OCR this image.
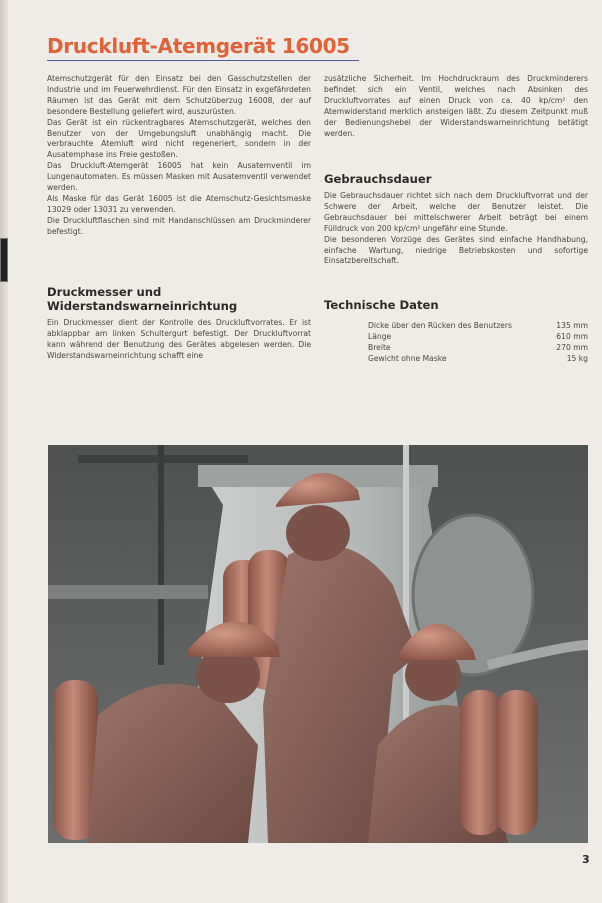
Druckluft-Atemgerät 16005

Atemschutzgerät für den Einsatz bei den Gasschutzstellen der Industrie und im Feuerwehrdienst. Für den Einsatz in exgefährdeten Räumen ist das Gerät mit dem Schutzüberzug 16008, der auf besondere Bestellung geliefert wird, auszurüsten.

Das Gerät ist ein rückentragbares Atemschutzgerät, welches den Benutzer von der Umgebungsluft unabhängig macht. Die verbrauchte Atemluft wird nicht regeneriert, sondern in der Ausatemphase ins Freie gestoßen.

Das Druckluft-Atemgerät 16005 hat kein Ausatemventil im Lungenautomaten. Es müssen Masken mit Ausatemventil verwendet werden.

Als Maske für das Gerät 16005 ist die Atemschutz-Gesichtsmaske 13029 oder 13031 zu verwenden.

Die Druckluftflaschen sind mit Handanschlüssen am Druckminderer befestigt.

Druckmesser und Widerstandswarneinrichtung

Ein Druckmesser dient der Kontrolle des Druckluftvorrates. Er ist abklappbar am linken Schultergurt befestigt. Der Druckluftvorrat kann während der Benutzung des Gerätes abgelesen werden. Die Widerstandswarneinrichtung schafft eine

zusätzliche Sicherheit. Im Hochdruckraum des Druckminderers befindet sich ein Ventil, welches nach Absinken des Druckluftvorrates auf einen Druck von ca. 40 kp/cm² den Atemwiderstand merklich ansteigen läßt. Zu diesem Zeitpunkt muß der Bedienungshebel der Widerstandswarneinrichtung betätigt werden.

Gebrauchsdauer

Die Gebrauchsdauer richtet sich nach dem Druckluftvorrat und der Schwere der Arbeit, welche der Benutzer leistet. Die Gebrauchsdauer bei mittelschwerer Arbeit beträgt bei einem Fülldruck von 200 kp/cm² ungefähr eine Stunde.

Die besonderen Vorzüge des Gerätes sind einfache Handhabung, einfache Wartung, niedrige Betriebskosten und sofortige Einsatzbereitschaft.

Technische Daten
Dicke über den Rücken des Benutzers	135 mm
Länge	610 mm
Breite	270 mm
Gewicht ohne Maske	15 kg
3
